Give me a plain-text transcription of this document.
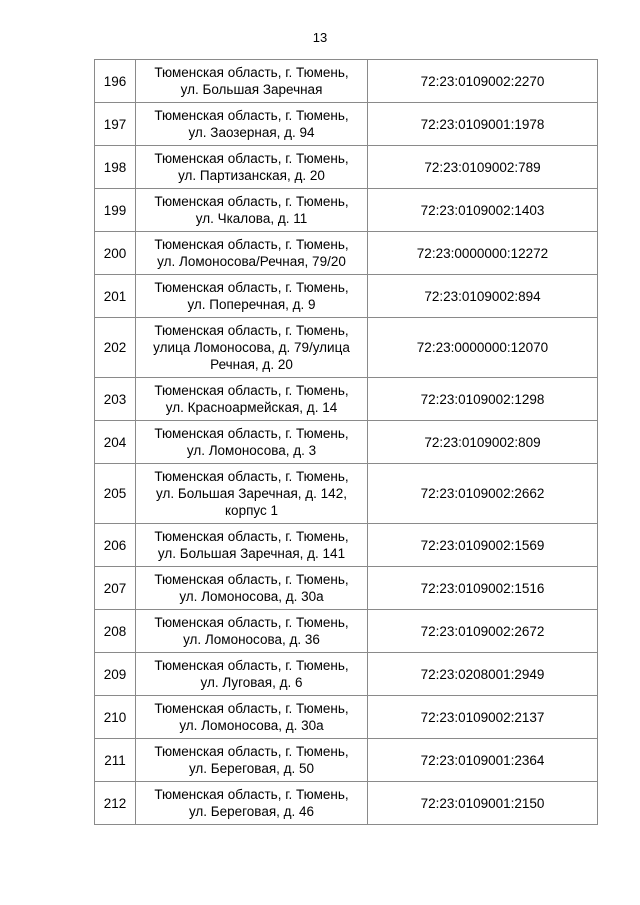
13
196	Тюменская область, г. Тюмень,
ул. Большая Заречная	72:23:0109002:2270
197	Тюменская область, г. Тюмень,
ул. Заозерная, д. 94	72:23:0109001:1978
198	Тюменская область, г. Тюмень,
ул. Партизанская, д. 20	72:23:0109002:789
199	Тюменская область, г. Тюмень,
ул. Чкалова, д. 11	72:23:0109002:1403
200	Тюменская область, г. Тюмень,
ул. Ломоносова/Речная, 79/20	72:23:0000000:12272
201	Тюменская область, г. Тюмень,
ул. Поперечная, д. 9	72:23:0109002:894
202	Тюменская область, г. Тюмень,
улица Ломоносова, д. 79/улица
Речная, д. 20	72:23:0000000:12070
203	Тюменская область, г. Тюмень,
ул. Красноармейская, д. 14	72:23:0109002:1298
204	Тюменская область, г. Тюмень,
ул. Ломоносова, д. 3	72:23:0109002:809
205	Тюменская область, г. Тюмень,
ул. Большая Заречная, д. 142,
корпус 1	72:23:0109002:2662
206	Тюменская область, г. Тюмень,
ул. Большая Заречная, д. 141	72:23:0109002:1569
207	Тюменская область, г. Тюмень,
ул. Ломоносова, д. 30а	72:23:0109002:1516
208	Тюменская область, г. Тюмень,
ул. Ломоносова, д. 36	72:23:0109002:2672
209	Тюменская область, г. Тюмень,
ул. Луговая, д. 6	72:23:0208001:2949
210	Тюменская область, г. Тюмень,
ул. Ломоносова, д. 30а	72:23:0109002:2137
211	Тюменская область, г. Тюмень,
ул. Береговая, д. 50	72:23:0109001:2364
212	Тюменская область, г. Тюмень,
ул. Береговая, д. 46	72:23:0109001:2150
